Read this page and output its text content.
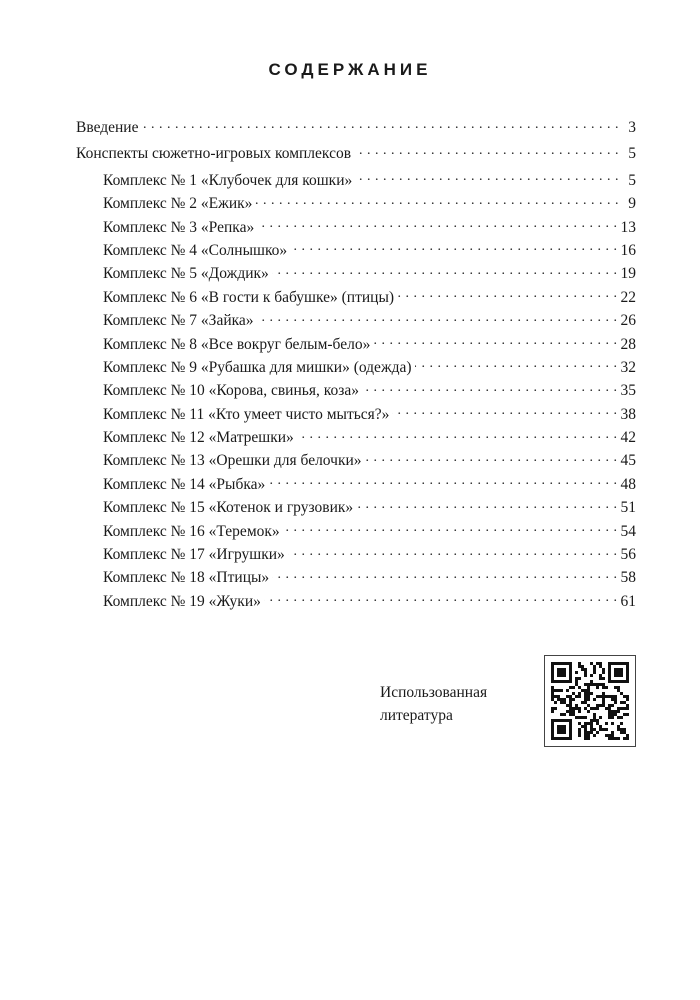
СОДЕРЖАНИЕ
Введение . . .	3
Конспекты сюжетно-игровых комплексов . . .	5
Комплекс № 1 «Клубочек для кошки» . . .	5
Комплекс № 2 «Ежик» . . .	9
Комплекс № 3 «Репка» . . .	13
Комплекс № 4 «Солнышко» . . .	16
Комплекс № 5 «Дождик» . . .	19
Комплекс № 6 «В гости к бабушке» (птицы) . . .	22
Комплекс № 7 «Зайка» . . .	26
Комплекс № 8 «Все вокруг белым-бело» . . .	28
Комплекс № 9 «Рубашка для мишки» (одежда) . . .	32
Комплекс № 10 «Корова, свинья, коза» . . .	35
Комплекс № 11 «Кто умеет чисто мыться?» . . .	38
Комплекс № 12 «Матрешки» . . .	42
Комплекс № 13 «Орешки для белочки» . . .	45
Комплекс № 14 «Рыбка» . . .	48
Комплекс № 15 «Котенок и грузовик» . . .	51
Комплекс № 16 «Теремок» . . .	54
Комплекс № 17 «Игрушки» . . .	56
Комплекс № 18 «Птицы» . . .	58
Комплекс № 19 «Жуки» . . .	61
Использованная
литература
